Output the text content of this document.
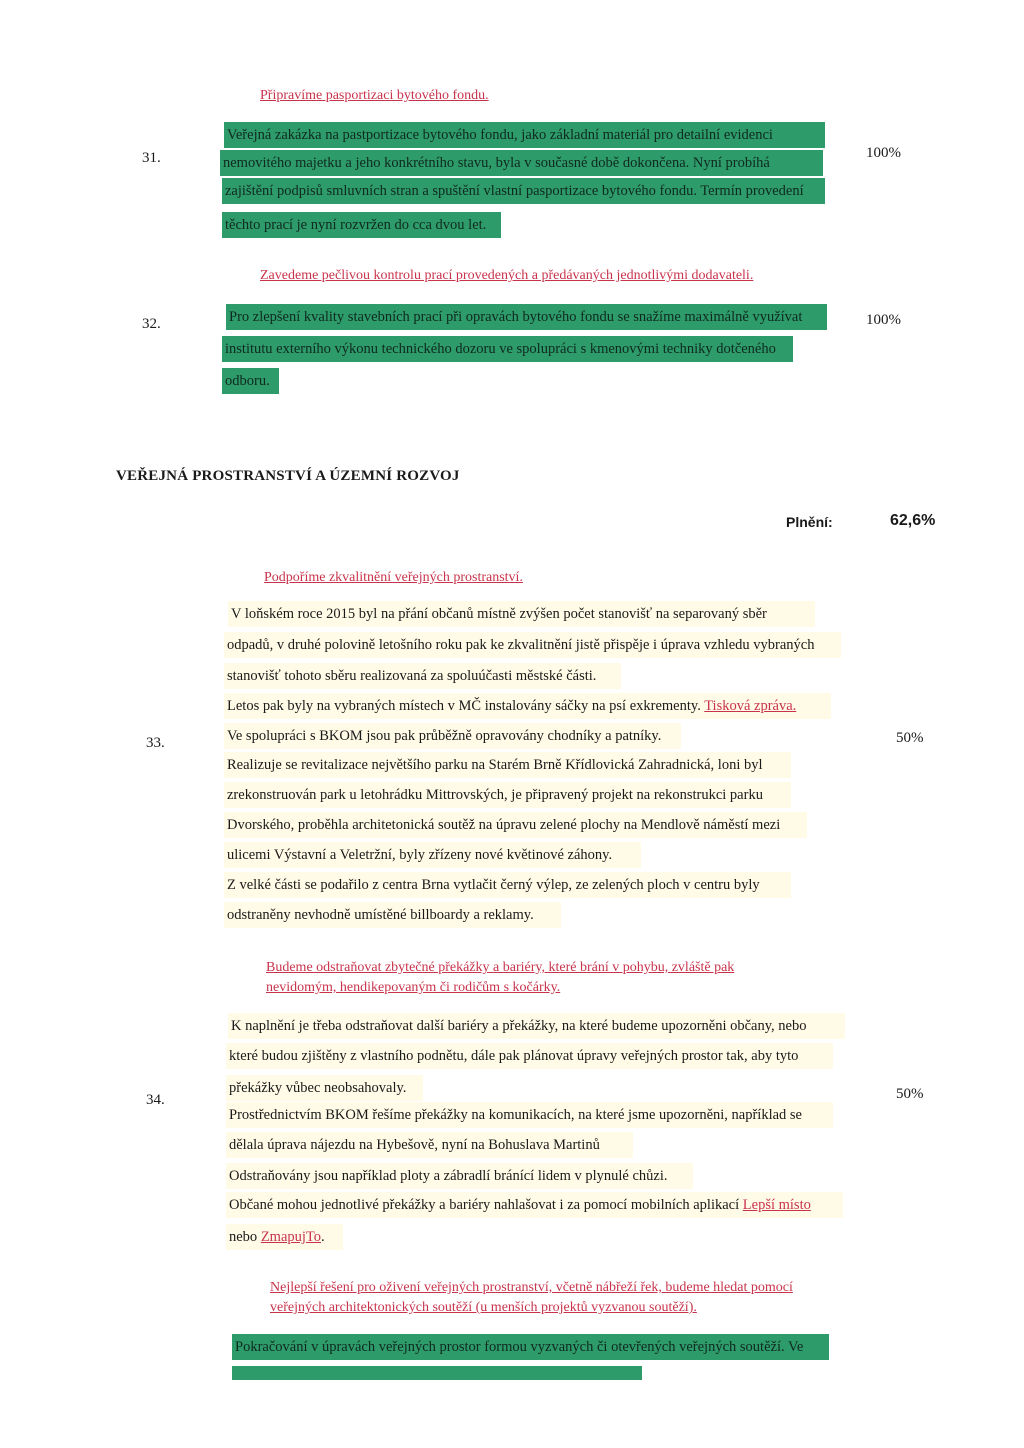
Připravíme pasportizaci bytového fondu.
31.	100%
Veřejná zakázka na pastportizace bytového fondu, jako základní materiál pro detailní evidenci
nemovitého majetku a jeho konkrétního stavu, byla v současné době dokončena. Nyní probíhá
zajištění podpisů smluvních stran a spuštění vlastní pasportizace bytového fondu. Termín provedení
těchto prací je nyní rozvržen do cca dvou let.
Zavedeme pečlivou kontrolu prací provedených a předávaných jednotlivými dodavateli.
32.	100%
Pro zlepšení kvality stavebních prací při opravách bytového fondu se snažíme maximálně využívat
institutu externího výkonu technického dozoru ve spolupráci s kmenovými techniky dotčeného
odboru.
VEŘEJNÁ PROSTRANSTVÍ A ÚZEMNÍ ROZVOJ
Plnění:	62,6%
Podpoříme zkvalitnění veřejných prostranství.
33.	50%
V loňském roce 2015 byl na přání občanů místně zvýšen počet stanovišť na separovaný sběr
odpadů, v druhé polovině letošního roku pak ke zkvalitnění jistě přispěje i úprava vzhledu vybraných
stanovišť tohoto sběru realizovaná za spoluúčasti městské části.
Letos pak byly na vybraných místech v MČ instalovány sáčky na psí exkrementy. Tisková zpráva.
Ve spolupráci s BKOM jsou pak průběžně opravovány chodníky a patníky.
Realizuje se revitalizace největšího parku na Starém Brně Křídlovická Zahradnická, loni byl
zrekonstruován park u letohrádku Mittrovských, je připravený projekt na rekonstrukci parku
Dvorského, proběhla architetonická soutěž na úpravu zelené plochy na Mendlově náměstí mezi
ulicemi Výstavní a Veletržní, byly zřízeny nové květinové záhony.
Z velké části se podařilo z centra Brna vytlačit černý výlep, ze zelených ploch v centru byly
odstraněny nevhodně umístěné billboardy a reklamy.
Budeme odstraňovat zbytečné překážky a bariéry, které brání v pohybu, zvláště pak
nevidomým, hendikepovaným či rodičům s kočárky.
34.	50%
K naplnění je třeba odstraňovat další bariéry a překážky, na které budeme upozorněni občany, nebo
které budou zjištěny z vlastního podnětu, dále pak plánovat úpravy veřejných prostor tak, aby tyto
překážky vůbec neobsahovaly.
Prostřednictvím BKOM řešíme překážky na komunikacích, na které jsme upozorněni, například se
dělala úprava nájezdu na Hybešově, nyní na Bohuslava Martinů
Odstraňovány jsou například ploty a zábradlí bránící lidem v plynulé chůzi.
Občané mohou jednotlivé překážky a bariéry nahlašovat i za pomocí mobilních aplikací Lepší místo
nebo ZmapujTo.
Nejlepší řešení pro oživení veřejných prostranství, včetně nábřeží řek, budeme hledat pomocí
veřejných architektonických soutěží (u menších projektů vyzvanou soutěží).
Pokračování v úpravách veřejných prostor formou vyzvaných či otevřených veřejných soutěží. Ve
